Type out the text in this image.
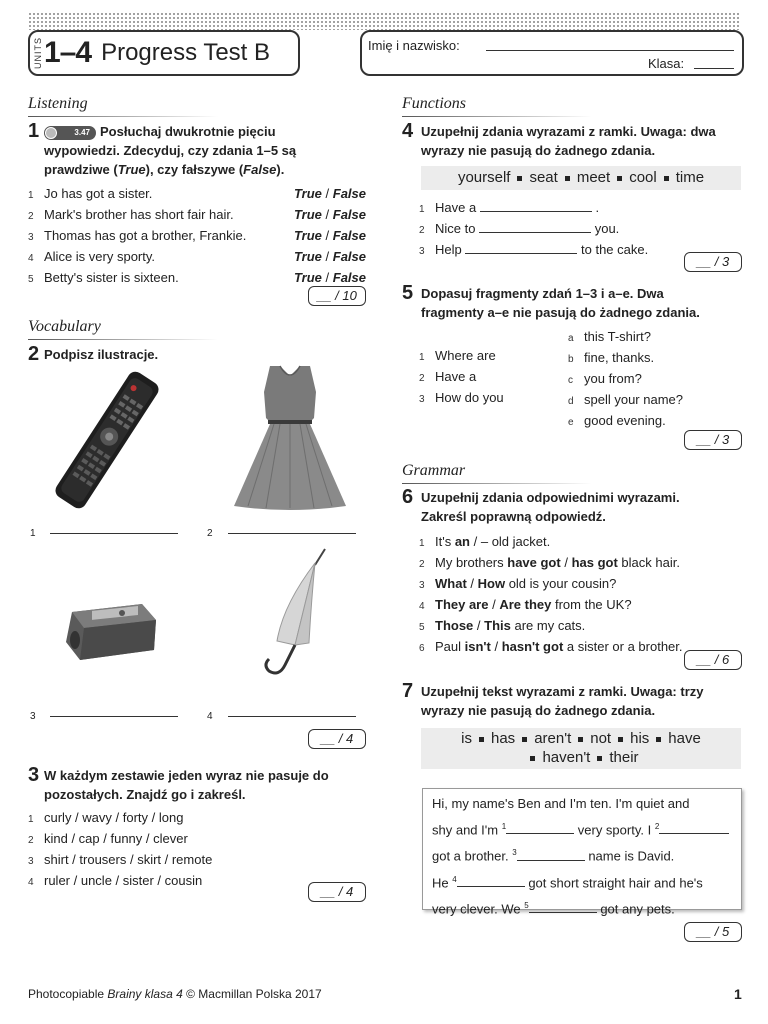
UNITS 1–4 Progress Test B	Imię i nazwisko:
Klasa:
Listening
1	3.47 Posłuchaj dwukrotnie pięciu
wypowiedzi. Zdecyduj, czy zdania 1–5 są
prawdziwe (True), czy fałszywe (False).
1 Jo has got a sister.	True / False
2 Mark's brother has short fair hair.	True / False
3 Thomas has got a brother, Frankie.	True / False
4 Alice is very sporty.	True / False
5 Betty's sister is sixteen.	True / False
__ / 10
Vocabulary
2 Podpisz ilustracje.
1	2
3	4
__ / 4
3 W każdym zestawie jeden wyraz nie pasuje do
pozostałych. Znajdź go i zakreśl.
1 curly / wavy / forty / long
2 kind / cap / funny / clever
3 shirt / trousers / skirt / remote
4 ruler / uncle / sister / cousin
__ / 4
Functions
4 Uzupełnij zdania wyrazami z ramki. Uwaga: dwa
wyrazy nie pasują do żadnego zdania.
yourself seat meet cool time
1 Have a	.
2 Nice to	you.
3 Help	to the cake.
__ / 3
5 Dopasuj fragmenty zdań 1–3 i a–e. Dwa
fragmenty a–e nie pasują do żadnego zdania.
1 Where are
2 Have a
3 How do you
a this T-shirt?
b fine, thanks.
c you from?
d spell your name?
e good evening.
__ / 3
Grammar
6 Uzupełnij zdania odpowiednimi wyrazami.
Zakreśl poprawną odpowiedź.
1 It's an / – old jacket.
2 My brothers have got / has got black hair.
3 What / How old is your cousin?
4 They are / Are they from the UK?
5 Those / This are my cats.
6 Paul isn't / hasn't got a sister or a brother.
__ / 6
7 Uzupełnij tekst wyrazami z ramki. Uwaga: trzy
wyrazy nie pasują do żadnego zdania.
is has aren't not his have
haven't their
Hi, my name's Ben and I'm ten. I'm quiet and
shy and I'm $^1$	very sporty. I $^2$
got a brother. $^3$	name is David.
He $^4$	got short straight hair and he's
very clever. We $^5$	got any pets.
__ / 5
Photocopiable Brainy klasa 4 © Macmillan Polska 2017	1
